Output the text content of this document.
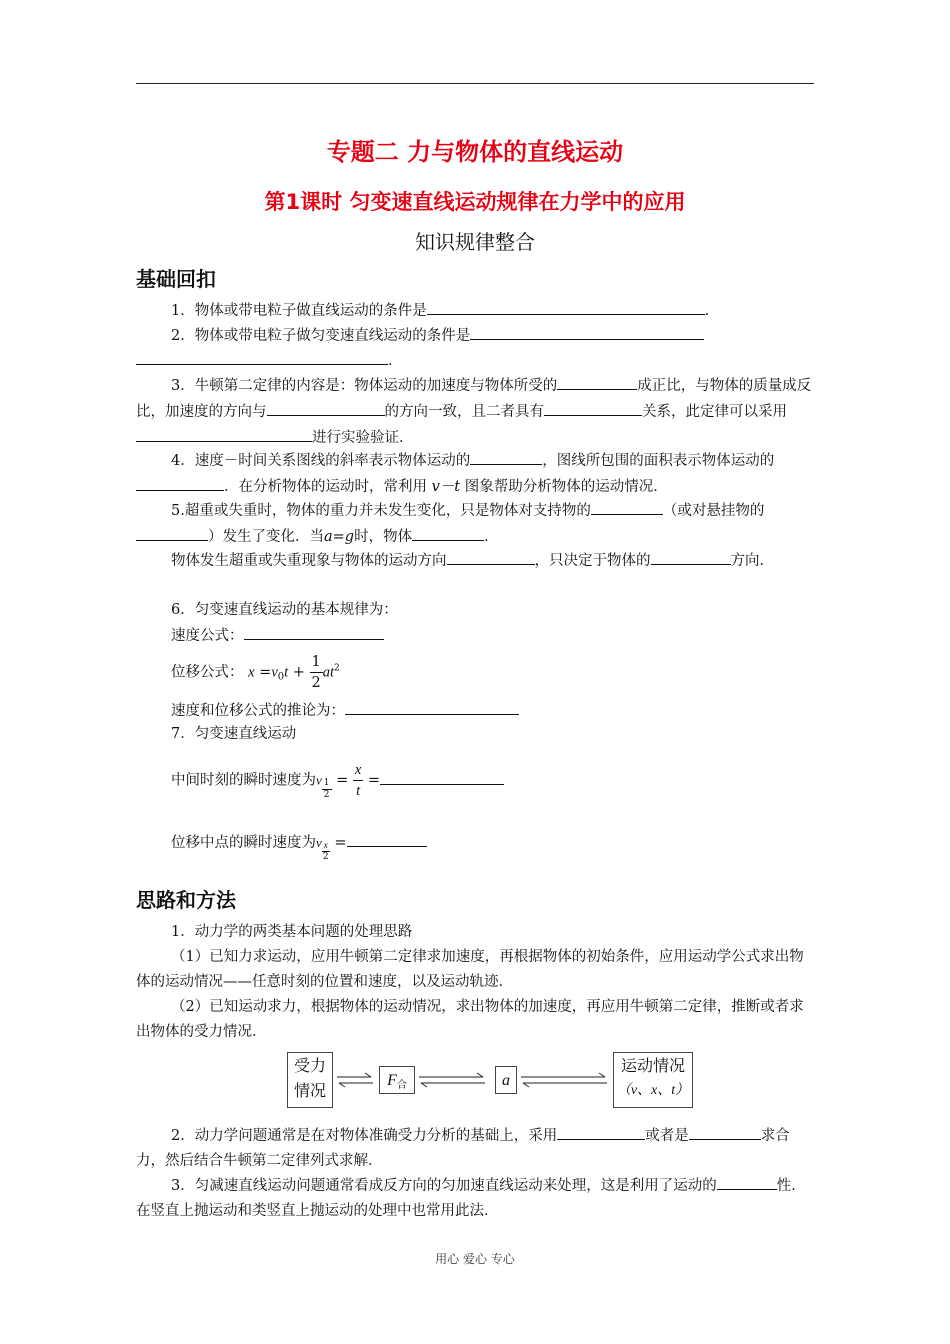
专题二 力与物体的直线运动
第1课时 匀变速直线运动规律在力学中的应用
知识规律整合
基础回扣
1．物体或带电粒子做直线运动的条件是	．
2．物体或带电粒子做匀变速直线运动的条件是
．
3．牛顿第二定律的内容是：物体运动的加速度与物体所受的	成正比，与物体的质量成反比，加速度的方向与	的方向一致，且二者具有	关系，此定律可以采用进行实验验证．
4．速度－时间关系图线的斜率表示物体运动的	，图线所包围的面积表示物体运动的．在分析物体的运动时，常利用 v－t 图象帮助分析物体的运动情况．
5.超重或失重时，物体的重力并未发生变化，只是物体对支持物的	（或对悬挂物的）发生了变化．当a=g时，物体	．
物体发生超重或失重现象与物体的运动方向	，只决定于物体的	方向．
6．匀变速直线运动的基本规律为：
速度公式：
位移公式： $x =v_0t + \frac{1}{2} at^2$
速度和位移公式的推论为：
7．匀变速直线运动
中间时刻的瞬时速度为v $\frac{1}{2} = \frac{x}{t}$ =
位移中点的瞬时速度为v $\frac{x}{2}$ =
思路和方法
1．动力学的两类基本问题的处理思路
（1）已知力求运动，应用牛顿第二定律求加速度，再根据物体的初始条件，应用运动学公式求出物体的运动情况——任意时刻的位置和速度，以及运动轨迹．
（2）已知运动求力，根据物体的运动情况，求出物体的加速度，再应用牛顿第二定律，推断或者求出物体的受力情况．
受力
情况
$F_合$	a
运动情况
（v、x、t）
2．动力学问题通常是在对物体准确受力分析的基础上，采用	或者是	求合力，然后结合牛顿第二定律列式求解．
3．匀减速直线运动问题通常看成反方向的匀加速直线运动来处理，这是利用了运动的	性．在竖直上抛运动和类竖直上抛运动的处理中也常用此法．
用心 爱心 专心
